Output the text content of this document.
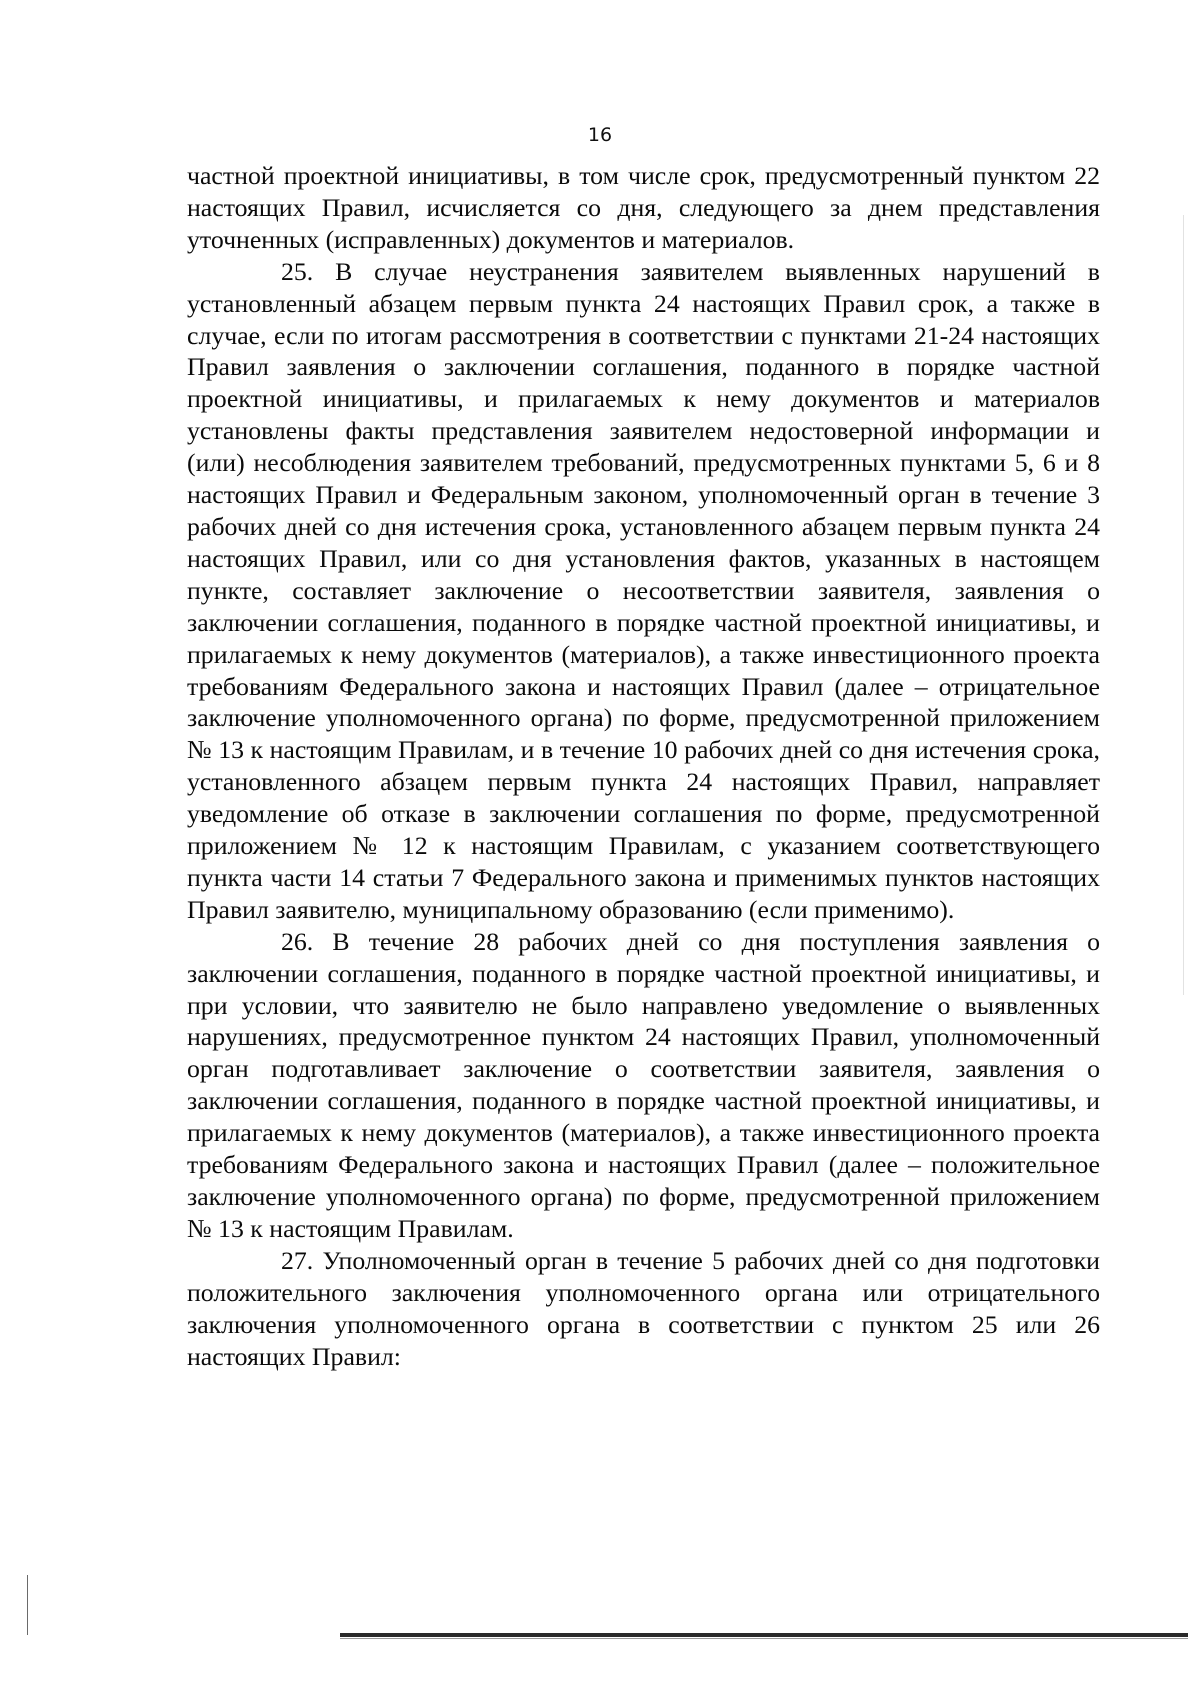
16

частной проектной инициативы, в том числе срок, предусмотренный пунктом 22 настоящих Правил, исчисляется со дня, следующего за днем представления уточненных (исправленных) документов и материалов.

25. В случае неустранения заявителем выявленных нарушений в установленный абзацем первым пункта 24 настоящих Правил срок, а также в случае, если по итогам рассмотрения в соответствии с пунктами 21-24 настоящих Правил заявления о заключении соглашения, поданного в порядке частной проектной инициативы, и прилагаемых к нему документов и материалов установлены факты представления заявителем недостоверной информации и (или) несоблюдения заявителем требований, предусмотренных пунктами 5, 6 и 8 настоящих Правил и Федеральным законом, уполномоченный орган в течение 3 рабочих дней со дня истечения срока, установленного абзацем первым пункта 24 настоящих Правил, или со дня установления фактов, указанных в настоящем пункте, составляет заключение о несоответствии заявителя, заявления о заключении соглашения, поданного в порядке частной проектной инициативы, и прилагаемых к нему документов (материалов), а также инвестиционного проекта требованиям Федерального закона и настоящих Правил (далее – отрицательное заключение уполномоченного органа) по форме, предусмотренной приложением № 13 к настоящим Правилам, и в течение 10 рабочих дней со дня истечения срока, установленного абзацем первым пункта 24 настоящих Правил, направляет уведомление об отказе в заключении соглашения по форме, предусмотренной приложением № 12 к настоящим Правилам, с указанием соответствующего пункта части 14 статьи 7 Федерального закона и применимых пунктов настоящих Правил заявителю, муниципальному образованию (если применимо).

26. В течение 28 рабочих дней со дня поступления заявления о заключении соглашения, поданного в порядке частной проектной инициативы, и при условии, что заявителю не было направлено уведомление о выявленных нарушениях, предусмотренное пунктом 24 настоящих Правил, уполномоченный орган подготавливает заключение о соответствии заявителя, заявления о заключении соглашения, поданного в порядке частной проектной инициативы, и прилагаемых к нему документов (материалов), а также инвестиционного проекта требованиям Федерального закона и настоящих Правил (далее – положительное заключение уполномоченного органа) по форме, предусмотренной приложением № 13 к настоящим Правилам.

27. Уполномоченный орган в течение 5 рабочих дней со дня подготовки положительного заключения уполномоченного органа или отрицательного заключения уполномоченного органа в соответствии с пунктом 25 или 26 настоящих Правил:
